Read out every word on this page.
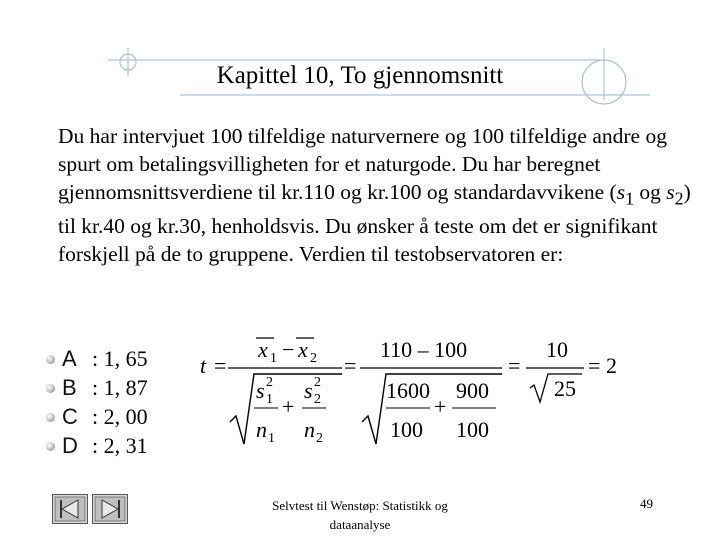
Kapittel 10, To gjennomsnitt
Du har intervjuet 100 tilfeldige naturvernere og 100 tilfeldige andre og spurt om betalingsvilligheten for et naturgode. Du har beregnet gjennomsnittsverdiene til kr.110 og kr.100 og standardavvikene ($s_1$ og $s_2$) til kr.40 og kr.30, henholdsvis. Du ønsker å teste om det er signifikant forskjell på de to gruppene. Verdien til testobservatoren er:
A : 1, 65
B : 1, 87
C : 2, 00
D : 2, 31
t =
x 1 − x 2
s 2
1
n 1
+
s 2
2
n 2
=
110 – 100
1600
100
+
900
100
=
10
25
= 2
Selvtest til Wenstøp: Statistikk og
dataanalyse
49
